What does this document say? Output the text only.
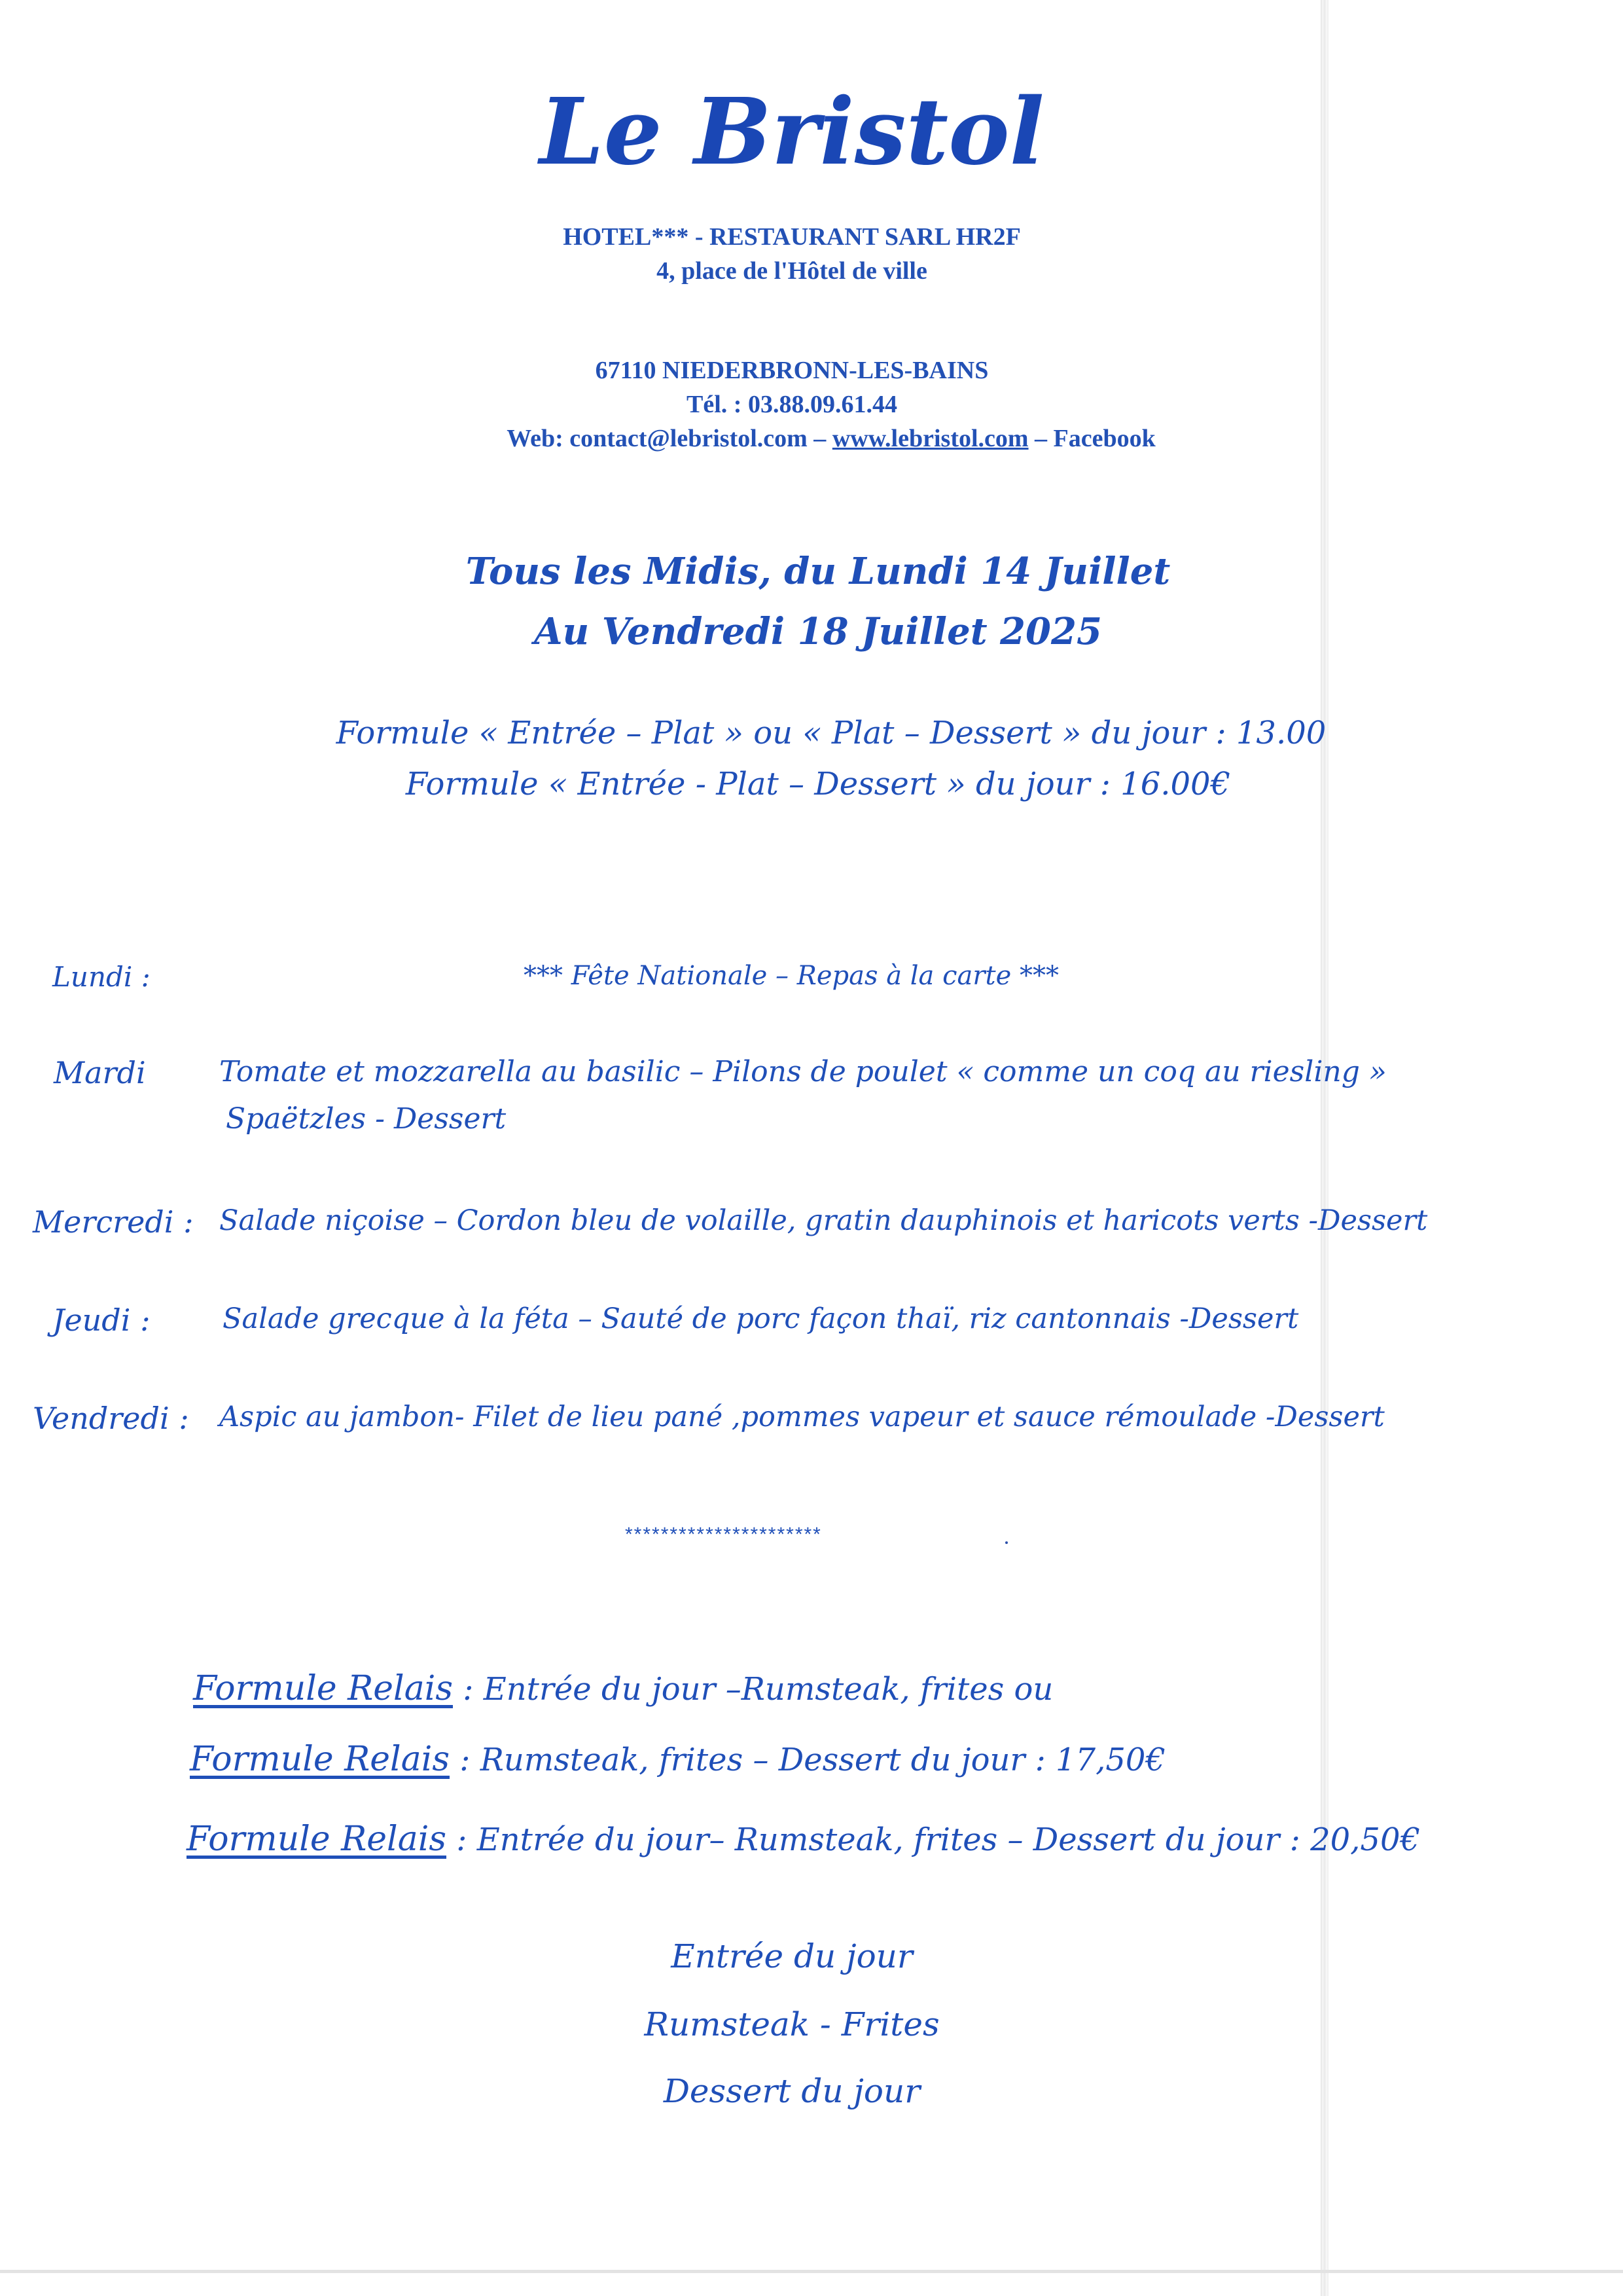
Le Bristol
HOTEL*** - RESTAURANT SARL HR2F
4, place de l'Hôtel de ville
67110 NIEDERBRONN-LES-BAINS
Tél. : 03.88.09.61.44
Web: contact@lebristol.com – www.lebristol.com – Facebook
Tous les Midis, du Lundi 14 Juillet
Au Vendredi 18 Juillet 2025
Formule « Entrée – Plat » ou « Plat – Dessert » du jour : 13.00
Formule « Entrée - Plat – Dessert » du jour : 16.00€
Lundi :	*** Fête Nationale – Repas à la carte ***
Mardi	Tomate et mozzarella au basilic – Pilons de poulet « comme un coq au riesling »
Spaëtzles - Dessert
Mercredi : Salade niçoise – Cordon bleu de volaille, gratin dauphinois et haricots verts -Dessert
Jeudi :	Salade grecque à la féta – Sauté de porc façon thaï, riz cantonnais -Dessert
Vendredi : Aspic au jambon- Filet de lieu pané ,pommes vapeur et sauce rémoulade -Dessert
**********************
Formule Relais : Entrée du jour –Rumsteak, frites ou
Formule Relais : Rumsteak, frites – Dessert du jour : 17,50€
Formule Relais : Entrée du jour– Rumsteak, frites – Dessert du jour : 20,50€
Entrée du jour
Rumsteak - Frites
Dessert du jour
